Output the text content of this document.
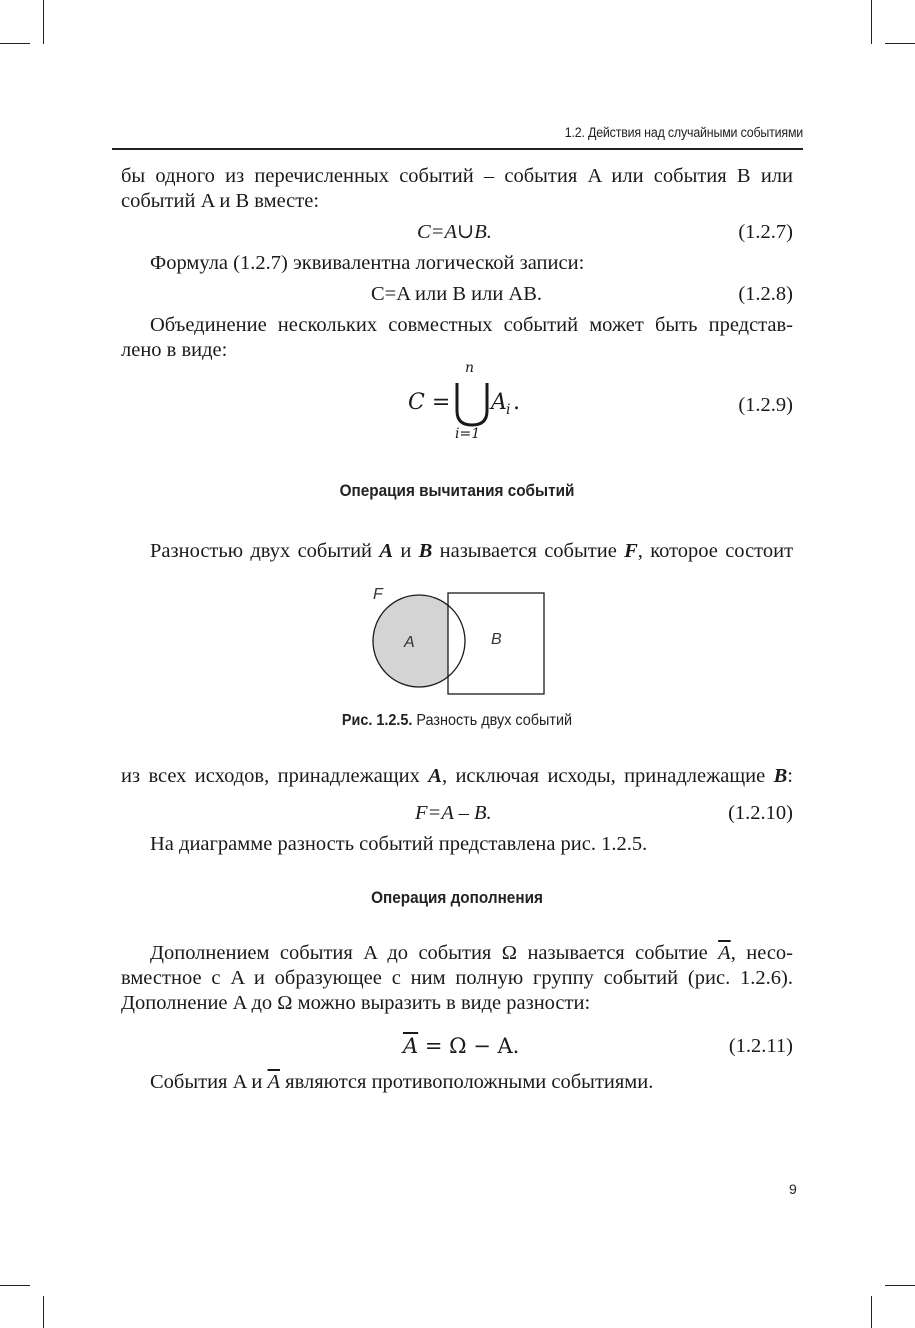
1.2. Действия над случайными событиями

бы одного из перечисленных событий – события A или события B или

событий A и B вместе:

C=A∪B.	(1.2.7)

Формула (1.2.7) эквивалентна логической записи:

C=A или B или AB.	(1.2.8)

Объединение нескольких совместных событий может быть представ-

лено в виде:

C =
n
i=1
A i .	(1.2.9)
Операция вычитания событий

Разностью двух событий A и B называется событие F, которое состоит

F
A	B
Рис. 1.2.5. Разность двух событий

из всех исходов, принадлежащих A, исключая исходы, принадлежащие B:

F=A – B.	(1.2.10)

На диаграмме разность событий представлена рис. 1.2.5.

Операция дополнения

Дополнением события A до события Ω называется событие $\overline{A}$, несо-

вместное с A и образующее с ним полную группу событий (рис. 1.2.6).

Дополнение A до Ω можно выразить в виде разности:

$\overline{A} = \Omega - A$.	(1.2.11)

События A и $\overline{A}$ являются противоположными событиями.

9
